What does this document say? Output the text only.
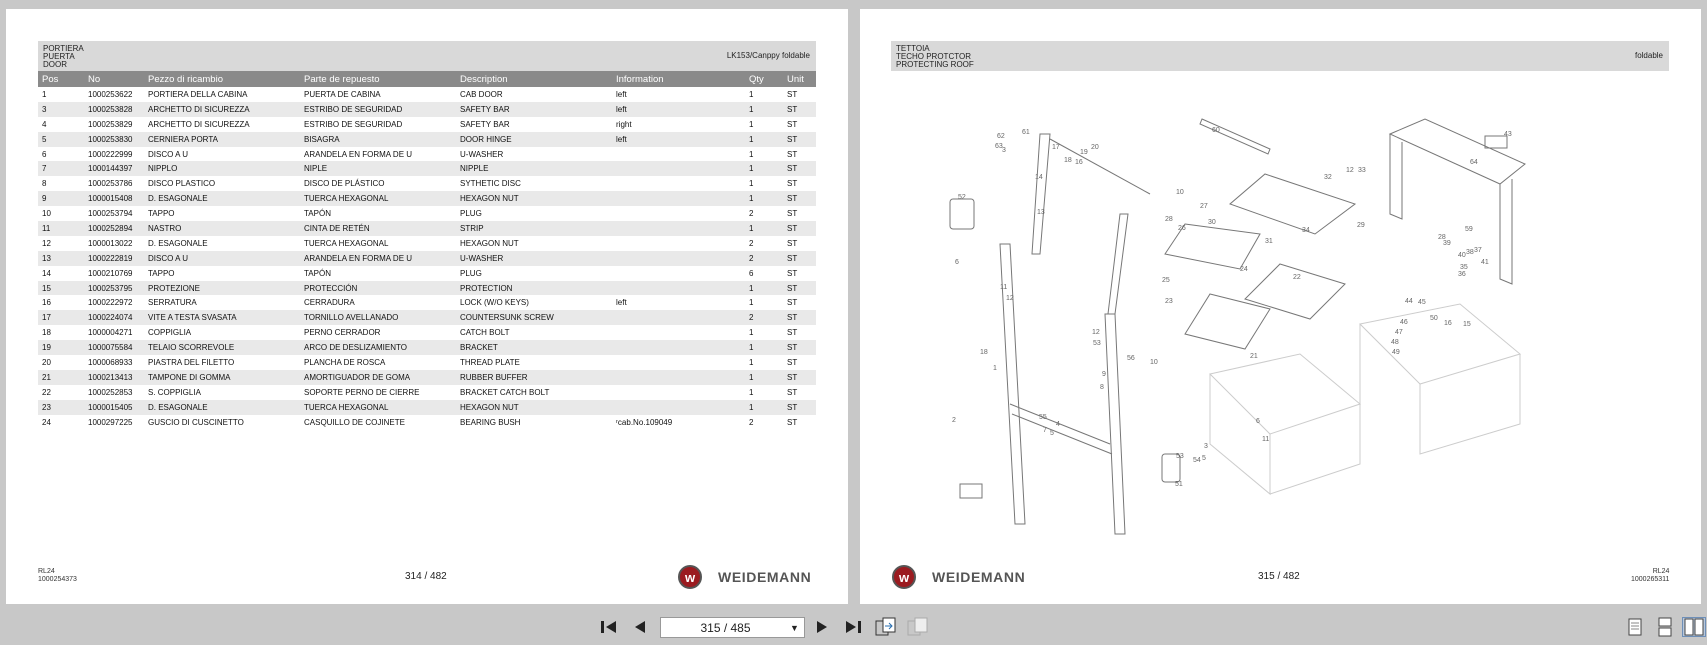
PORTIERA
PUERTA
DOOR
LK153/Canppy foldable
Pos	No	Pezzo di ricambio	Parte de repuesto	Description	Information	Qty	Unit
1	1000253622	PORTIERA DELLA CABINA	PUERTA DE CABINA	CAB DOOR	left	1	ST
3	1000253828	ARCHETTO DI SICUREZZA	ESTRIBO DE SEGURIDAD	SAFETY BAR	left	1	ST
4	1000253829	ARCHETTO DI SICUREZZA	ESTRIBO DE SEGURIDAD	SAFETY BAR	right	1	ST
5	1000253830	CERNIERA PORTA	BISAGRA	DOOR HINGE	left	1	ST
6	1000222999	DISCO A U	ARANDELA EN FORMA DE U	U-WASHER		1	ST
7	1000144397	NIPPLO	NIPLE	NIPPLE		1	ST
8	1000253786	DISCO PLASTICO	DISCO DE PLÁSTICO	SYTHETIC DISC		1	ST
9	1000015408	D. ESAGONALE	TUERCA HEXAGONAL	HEXAGON NUT		1	ST
10	1000253794	TAPPO	TAPÓN	PLUG		2	ST
11	1000252894	NASTRO	CINTA DE RETÉN	STRIP		1	ST
12	1000013022	D. ESAGONALE	TUERCA HEXAGONAL	HEXAGON NUT		2	ST
13	1000222819	DISCO A U	ARANDELA EN FORMA DE U	U-WASHER		2	ST
14	1000210769	TAPPO	TAPÓN	PLUG		6	ST
15	1000253795	PROTEZIONE	PROTECCIÓN	PROTECTION		1	ST
16	1000222972	SERRATURA	CERRADURA	LOCK (W/O KEYS)	left	1	ST
17	1000224074	VITE A TESTA SVASATA	TORNILLO AVELLANADO	COUNTERSUNK SCREW		2	ST
18	1000004271	COPPIGLIA	PERNO CERRADOR	CATCH BOLT		1	ST
19	1000075584	TELAIO SCORREVOLE	ARCO DE DESLIZAMIENTO	BRACKET		1	ST
20	1000068933	PIASTRA DEL FILETTO	PLANCHA DE ROSCA	THREAD PLATE		1	ST
21	1000213413	TAMPONE DI GOMMA	AMORTIGUADOR DE GOMA	RUBBER BUFFER		1	ST
22	1000252853	S. COPPIGLIA	SOPORTE PERNO DE CIERRE	BRACKET CATCH BOLT		1	ST
23	1000015405	D. ESAGONALE	TUERCA HEXAGONAL	HEXAGON NUT		1	ST
24	1000297225	GUSCIO DI CUSCINETTO	CASQUILLO DE COJINETE	BEARING BUSH	ʳcab.No.109049	2	ST
RL24
1000254373	314 / 482	w	WEIDEMANN
TETTOIA
TECHO PROTCTOR
PROTECTING ROOF
foldable
60
62
63
61
17
18
19
16
20
14
3
52
13
11
12
6
18
10
26
27
28
25
23
24
21
22
30
31
12
32
33
29
34
64
43
39
38
40
41
37
36
35
28
59
44 45
46
47
48
49
50
16 15
1
12
53
10
8
4
5
2
53
54
51
9
56
55
7
3
5
6
11
RL24
1000265311
315 / 482
w	WEIDEMANN
315 / 485	▼
